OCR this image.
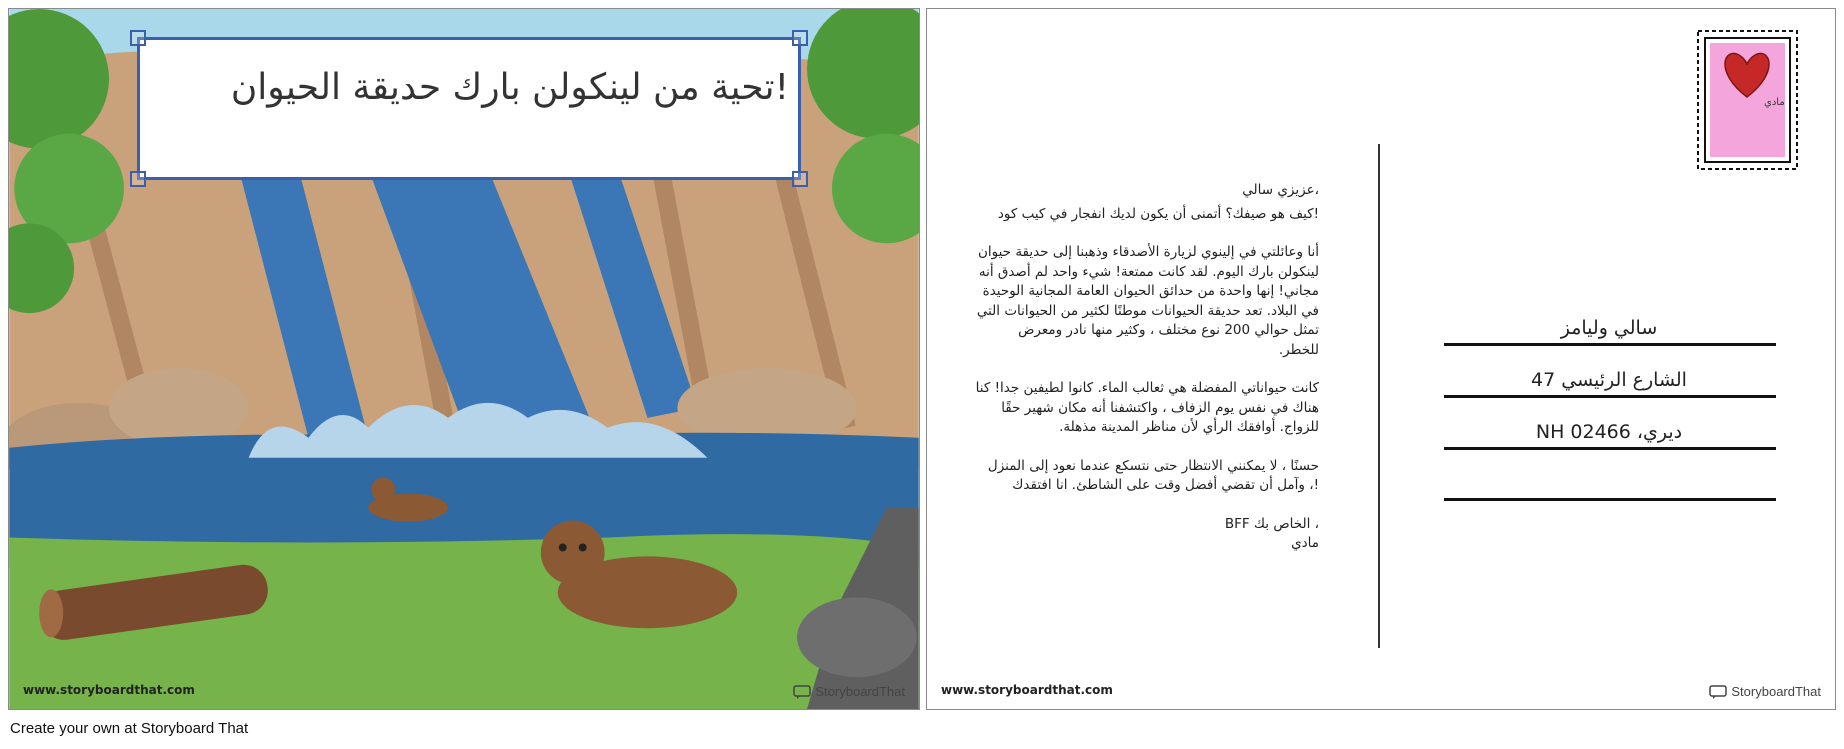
!تحية من لينكولن بارك حديقة الحيوان
www.storyboardthat.com	StoryboardThat

،عزيزي سالي

!كيف هو صيفك؟ أتمنى أن يكون لديك انفجار في كيب كود

أنا وعائلتي في إلينوي لزيارة الأصدقاء وذهبنا إلى حديقة حيوان لينكولن بارك اليوم. لقد كانت ممتعة! شيء واحد لم أصدق أنه مجاني! إنها واحدة من حدائق الحيوان العامة المجانية الوحيدة في البلاد. تعد حديقة الحيوانات موطنًا لكثير من الحيوانات التي تمثل حوالي 200 نوع مختلف ، وكثير منها نادر ومعرض للخطر.

كانت حيواناتي المفضلة هي ثعالب الماء. كانوا لطيفين جدا! كنا هناك في نفس يوم الزفاف ، واكتشفنا أنه مكان شهير حقًا للزواج. أوافقك الرأي لأن مناظر المدينة مذهلة.

حسنًا ، لا يمكنني الانتظار حتى نتسكع عندما نعود إلى المنزل !، وآمل أن تقضي أفضل وقت على الشاطئ. انا افتقدك

، الخاص بك BFF

مادي

سالي وليامز
الشارع الرئيسي 47
ديري، NH 02466
مادي
www.storyboardthat.com	StoryboardThat
Create your own at Storyboard That
